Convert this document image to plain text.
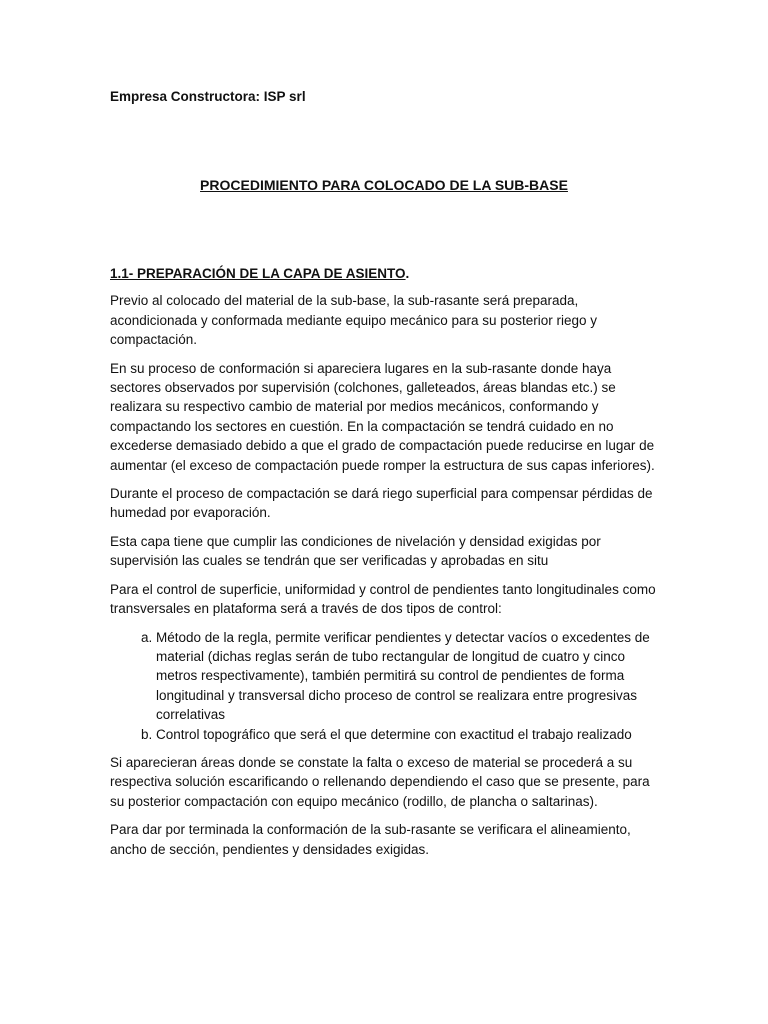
Empresa Constructora: ISP srl
PROCEDIMIENTO PARA COLOCADO DE LA SUB-BASE
1.1- PREPARACIÓN DE LA CAPA DE ASIENTO.

Previo al colocado del material de la sub-base, la sub-rasante será preparada, acondicionada y conformada mediante equipo mecánico para su posterior riego y compactación.

En su proceso de conformación si apareciera lugares en la sub-rasante donde haya sectores observados por supervisión (colchones, galleteados, áreas blandas etc.) se realizara su respectivo cambio de material por medios mecánicos, conformando y compactando los sectores en cuestión. En la compactación se tendrá cuidado en no excederse demasiado debido a que el grado de compactación puede reducirse en lugar de aumentar (el exceso de compactación puede romper la estructura de sus capas inferiores).

Durante el proceso de compactación se dará riego superficial para compensar pérdidas de humedad por evaporación.

Esta capa tiene que cumplir las condiciones de nivelación y densidad exigidas por supervisión las cuales se tendrán que ser verificadas y aprobadas en situ

Para el control de superficie, uniformidad y control de pendientes tanto longitudinales como transversales en plataforma será a través de dos tipos de control:

a. Método de la regla, permite verificar pendientes y detectar vacíos o excedentes de material (dichas reglas serán de tubo rectangular de longitud de cuatro y cinco metros respectivamente), también permitirá su control de pendientes de forma longitudinal y transversal dicho proceso de control se realizara entre progresivas correlativas
b. Control topográfico que será el que determine con exactitud el trabajo realizado

Si aparecieran áreas donde se constate la falta o exceso de material se procederá a su respectiva solución escarificando o rellenando dependiendo el caso que se presente, para su posterior compactación con equipo mecánico (rodillo, de plancha o saltarinas).

Para dar por terminada la conformación de la sub-rasante se verificara el alineamiento, ancho de sección, pendientes y densidades exigidas.
